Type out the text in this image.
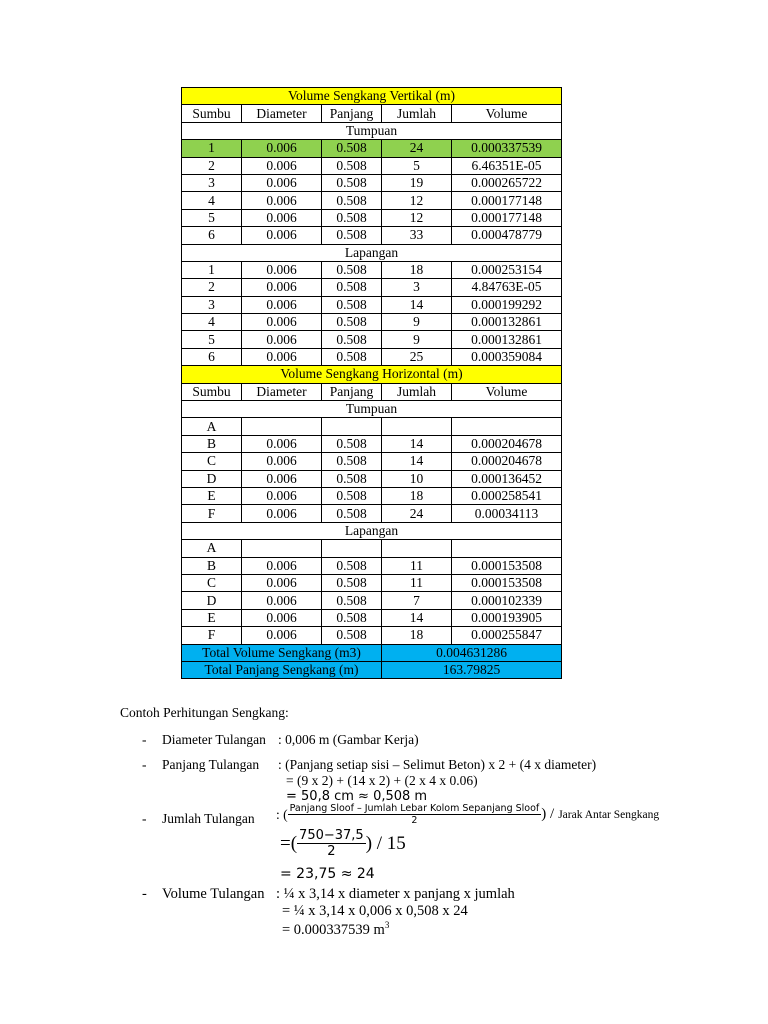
Volume Sengkang Vertikal (m)				
Sumbu	Diameter	Panjang	Jumlah	Volume
Tumpuan				
1	0.006	0.508	24	0.000337539
2	0.006	0.508	5	6.46351E-05
3	0.006	0.508	19	0.000265722
4	0.006	0.508	12	0.000177148
5	0.006	0.508	12	0.000177148
6	0.006	0.508	33	0.000478779
Lapangan				
1	0.006	0.508	18	0.000253154
2	0.006	0.508	3	4.84763E-05
3	0.006	0.508	14	0.000199292
4	0.006	0.508	9	0.000132861
5	0.006	0.508	9	0.000132861
6	0.006	0.508	25	0.000359084
Volume Sengkang Horizontal (m)				
Sumbu	Diameter	Panjang	Jumlah	Volume
Tumpuan				
A				
B	0.006	0.508	14	0.000204678
C	0.006	0.508	14	0.000204678
D	0.006	0.508	10	0.000136452
E	0.006	0.508	18	0.000258541
F	0.006	0.508	24	0.00034113
Lapangan				
A				
B	0.006	0.508	11	0.000153508
C	0.006	0.508	11	0.000153508
D	0.006	0.508	7	0.000102339
E	0.006	0.508	14	0.000193905
F	0.006	0.508	18	0.000255847
Total Volume Sengkang (m3)			0.004631286	
Total Panjang Sengkang (m)			163.79825	
Contoh Perhitungan Sengkang:
- Diameter Tulangan : 0,006 m (Gambar Kerja)
- Panjang Tulangan : (Panjang setiap sisi – Selimut Beton) x 2 + (4 x diameter)
= (9 x 2) + (14 x 2) + (2 x 4 x 0.06)
= 50,8 cm ≈ 0,508 m
- Jumlah Tulangan : ( $\frac{\text{Panjang Sloof – Jumlah Lebar Kolom Sepanjang Sloof}}{2}$ ) / Jarak Antar Sengkang
=( $\frac{750-37,5}{2}$ ) / 15
= 23,75 ≈ 24
- Volume Tulangan : ¼ x 3,14 x diameter x panjang x jumlah
= ¼ x 3,14 x 0,006 x 0,508 x 24
= 0.000337539 $m^3$
